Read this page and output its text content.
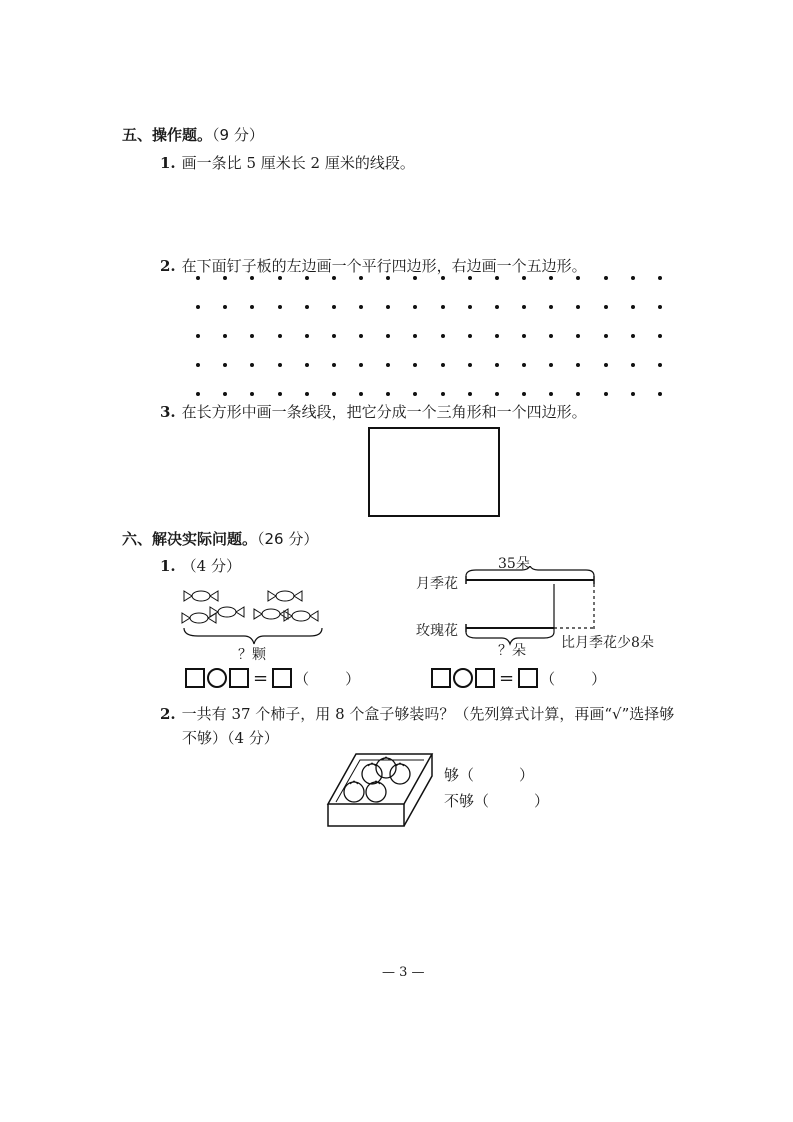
五、操作题。（9 分）
1. 画一条比 5 厘米长 2 厘米的线段。
2. 在下面钉子板的左边画一个平行四边形，右边画一个五边形。
3. 在长方形中画一条线段，把它分成一个三角形和一个四边形。
六、解决实际问题。（26 分）
1. （4 分）
？颗
35朵
月季花
玫瑰花
？朵	比月季花少8朵
= （ ）	= （ ）
2. 一共有 37 个柿子，用 8 个盒子够装吗？（先列算式计算，再画“√”选择够
不够）（4 分）
够（　　　）
不够（　　　）
— 3 —
